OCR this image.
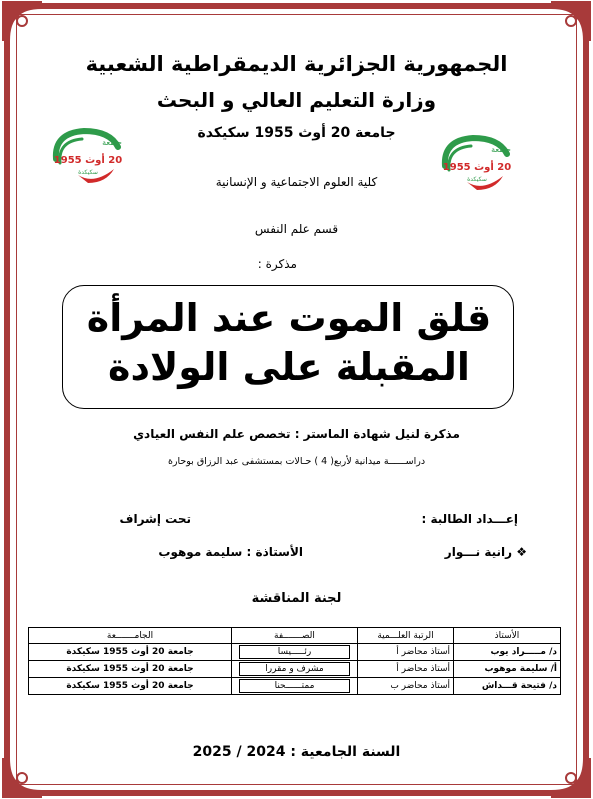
الجمهورية الجزائرية الديمقراطية الشعبية
وزارة التعليم العالي و البحث
جامعة 20 أوث 1955 سكيكدة
كلية العلوم الاجتماعية و الإنسانية
قسم علم النفس
مذكرة :
جامعة
20 أوث 1955
سكيكدة
جامعة
20 أوث 1955
سكيكدة
قلق الموت عند المرأة
المقبلة على الولادة
مذكرة لنيل شهادة الماستر : تخصص علم النفس العيادي
دراســــــة ميدانية لأربع( 4 ) حـالات بمستشفى عبد الرزاق بوحارة
إعـــداد الطالبة :
تحت إشراف
❖ رانية نـــوار
الأستاذة : سليمة موهوب
لجنة المناقشة
الأستاذ	الرتبة العلـــمية	الصـــــــفة	الجامـــــــعة
د/ مـــــراد يوب	أستاذ محاضر أ	رئـــــيسا	جامعة 20 أوث 1955 سكيكدة
أ/ سليمة موهوب	أستاذ محاضر أ	مشرف و مقررا	جامعة 20 أوث 1955 سكيكدة
د/ فتيحة قـــداش	أستاذ محاضر ب	ممتــــــحنا	جامعة 20 أوث 1955 سكيكدة
السنة الجامعية : 2024 / 2025
